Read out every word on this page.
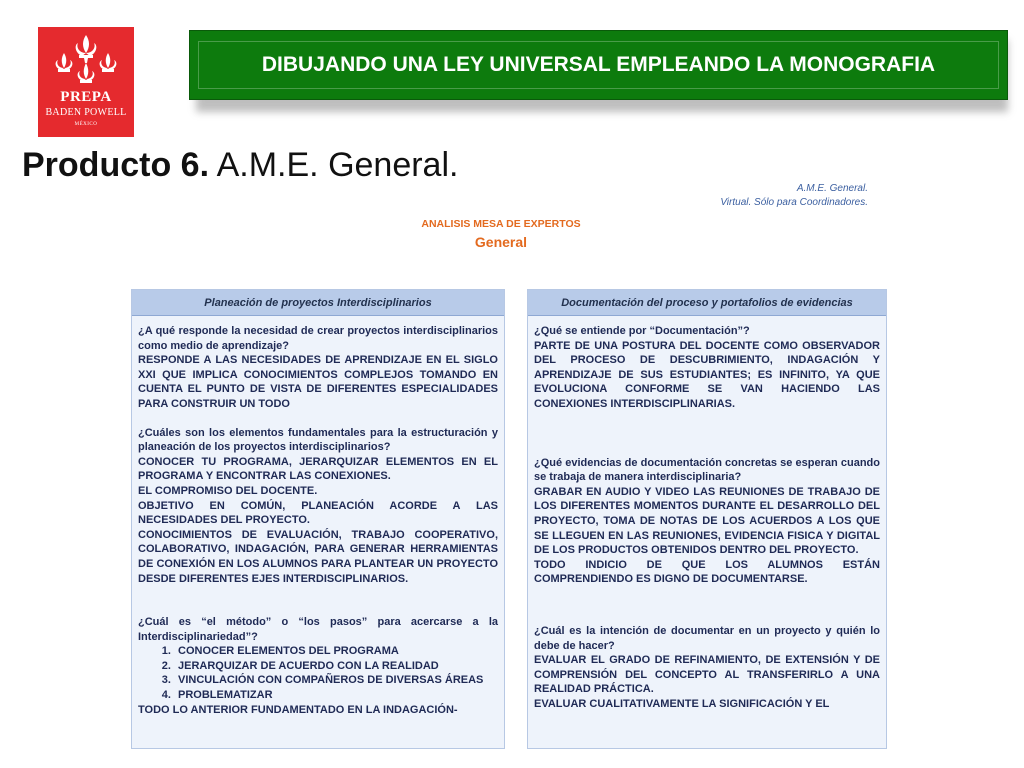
PREPA
BADEN POWELL
MÉXICO
DIBUJANDO UNA LEY UNIVERSAL EMPLEANDO LA MONOGRAFIA
Producto 6. A.M.E. General.
A.M.E. General.
Virtual. Sólo para Coordinadores.
ANALISIS MESA DE EXPERTOS
General
Planeación de proyectos Interdisciplinarios

¿A qué responde la necesidad de crear proyectos interdisciplinarios como medio de aprendizaje?

RESPONDE A LAS NECESIDADES DE APRENDIZAJE EN EL SIGLO XXI QUE IMPLICA CONOCIMIENTOS COMPLEJOS TOMANDO EN CUENTA EL PUNTO DE VISTA DE DIFERENTES ESPECIALIDADES PARA CONSTRUIR UN TODO

¿Cuáles son los elementos fundamentales para la estructuración y planeación de los proyectos interdisciplinarios?

CONOCER TU PROGRAMA, JERARQUIZAR ELEMENTOS EN EL PROGRAMA Y ENCONTRAR LAS CONEXIONES.

EL COMPROMISO DEL DOCENTE.

OBJETIVO EN COMÚN, PLANEACIÓN ACORDE A LAS NECESIDADES DEL PROYECTO.

CONOCIMIENTOS DE EVALUACIÓN, TRABAJO COOPERATIVO, COLABORATIVO, INDAGACIÓN, PARA GENERAR HERRAMIENTAS DE CONEXIÓN EN LOS ALUMNOS PARA PLANTEAR UN PROYECTO DESDE DIFERENTES EJES INTERDISCIPLINARIOS.

¿Cuál es “el método” o “los pasos” para acercarse a la Interdisciplinariedad”?

1. CONOCER ELEMENTOS DEL PROGRAMA
2. JERARQUIZAR DE ACUERDO CON LA REALIDAD
3. VINCULACIÓN CON COMPAÑEROS DE DIVERSAS ÁREAS
4. PROBLEMATIZAR

TODO LO ANTERIOR FUNDAMENTADO EN LA INDAGACIÓN-

Documentación del proceso y portafolios de evidencias

¿Qué se entiende por “Documentación”?

PARTE DE UNA POSTURA DEL DOCENTE COMO OBSERVADOR DEL PROCESO DE DESCUBRIMIENTO, INDAGACIÓN Y APRENDIZAJE DE SUS ESTUDIANTES; ES INFINITO, YA QUE EVOLUCIONA CONFORME SE VAN HACIENDO LAS CONEXIONES INTERDISCIPLINARIAS.

¿Qué evidencias de documentación concretas se esperan cuando se trabaja de manera interdisciplinaria?

GRABAR EN AUDIO Y VIDEO LAS REUNIONES DE TRABAJO DE LOS DIFERENTES MOMENTOS DURANTE EL DESARROLLO DEL PROYECTO, TOMA DE NOTAS DE LOS ACUERDOS A LOS QUE SE LLEGUEN EN LAS REUNIONES, EVIDENCIA FISICA Y DIGITAL DE LOS PRODUCTOS OBTENIDOS DENTRO DEL PROYECTO.

TODO INDICIO DE QUE LOS ALUMNOS ESTÁN COMPRENDIENDO ES DIGNO DE DOCUMENTARSE.

¿Cuál es la intención de documentar en un proyecto y quién lo debe de hacer?

EVALUAR EL GRADO DE REFINAMIENTO, DE EXTENSIÓN Y DE COMPRENSIÓN DEL CONCEPTO AL TRANSFERIRLO A UNA REALIDAD PRÁCTICA.

EVALUAR CUALITATIVAMENTE LA SIGNIFICACIÓN Y EL
